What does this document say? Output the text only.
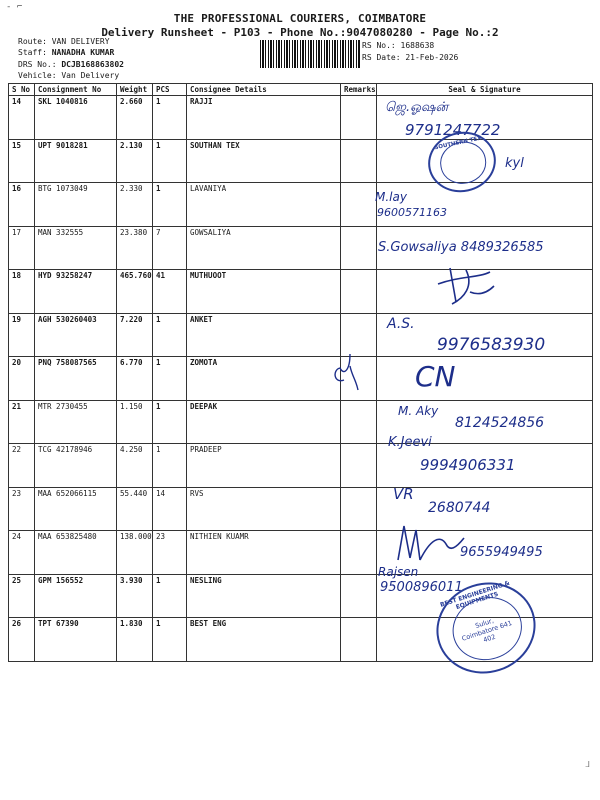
‑ ⌐
THE PROFESSIONAL COURIERS, COIMBATORE
Delivery Runsheet - P103 - Phone No.:9047080280 - Page No.:2
Route: VAN DELIVERY
Staff: NANADHA KUMAR
DRS No.: DCJB168863802
Vehicle: Van Delivery
RS No.: 1688638
RS Date: 21-Feb-2026
S No	Consignment No	Weight	PCS	Consignee Details	Remarks	Seal & Signature
14	SKL 1040816	2.660	1	RAJJI		
15	UPT 9018281	2.130	1	SOUTHAN TEX		
16	BTG 1073049	2.330	1	LAVANIYA		
17	MAN 332555	23.380	7	GOWSALIYA		
18	HYD 93258247	465.760	41	MUTHUOOT		
19	AGH 530260403	7.220	1	ANKET		
20	PNQ 758087565	6.770	1	ZOMOTA		
21	MTR 2730455	1.150	1	DEEPAK		
22	TCG 42178946	4.250	1	PRADEEP		
23	MAA 652066115	55.440	14	RVS		
24	MAA 653825480	138.000	23	NITHIEN KUAMR		
25	GPM 156552	3.930	1	NESLING		
26	TPT 67390	1.830	1	BEST ENG		
ஜெ.ஓஷன்
9791247722
kyl
M.lay
9600571163
S.Gowsaliya 8489326585
A.S.
9976583930
CN
M. Aky
8124524856
K.Jeevi
9994906331
VR
2680744
9655949495
Rajsen
9500896011
SOUTHERN TEX
BEST ENGINEERING & EQUIPMENTS
Sulur, Coimbatore 641 402
⅃
